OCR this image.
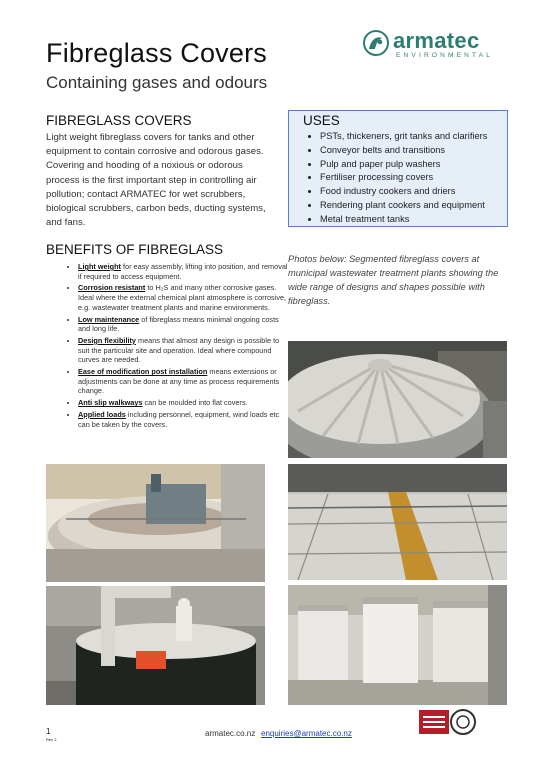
Fibreglass Covers
Containing gases and odours
armatec
ENVIRONMENTAL
FIBREGLASS COVERS
Light weight fibreglass covers for tanks and other equipment to contain corrosive and odorous gases. Covering and hooding of a noxious or odorous process is the first important step in controlling air pollution; contact ARMATEC for wet scrubbers, biological scrubbers, carbon beds, ducting systems, and fans.
USES
• PSTs, thickeners, grit tanks and clarifiers
• Conveyor belts and transitions
• Pulp and paper pulp washers
• Fertiliser processing covers
• Food industry cookers and driers
• Rendering plant cookers and equipment
• Metal treatment tanks
BENEFITS OF FIBREGLASS
• Light weight for easy assembly, lifting into position, and removal if required to access equipment.
• Corrosion resistant to H₂S and many other corrosive gases. Ideal where the external chemical plant atmosphere is corrosive, e.g. wastewater treatment plants and marine environments.
• Low maintenance of fibreglass means minimal ongoing costs and long life.
• Design flexibility means that almost any design is possible to suit the particular site and operation. Ideal where compound curves are needed.
• Ease of modification post installation means extensions or adjustments can be done at any time as process requirements change.
• Anti slip walkways can be moulded into flat covers.
• Applied loads including personnel, equipment, wind loads etc can be taken by the covers.
Photos below: Segmented fibreglass covers at municipal wastewater treatment plants showing the wide range of designs and shapes possible with fibreglass.
1
Rev 2
armatec.co.nz enquiries@armatec.co.nz
